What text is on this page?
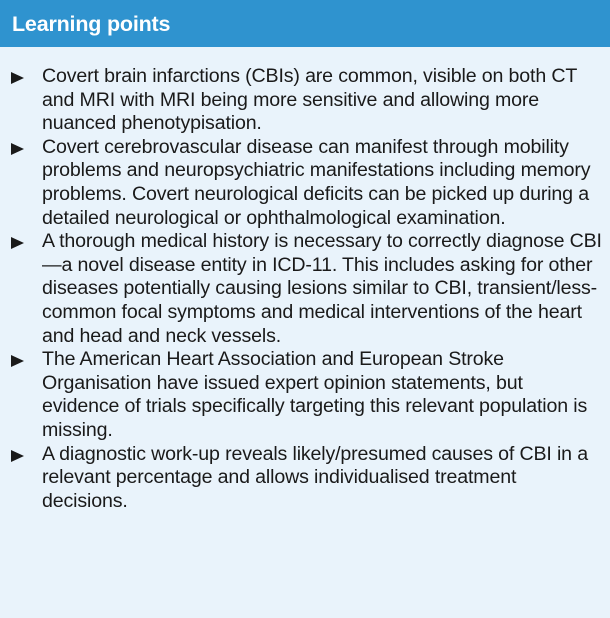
Learning points
Covert brain infarctions (CBIs) are common, visible on both CT and MRI with MRI being more sensitive and allowing more nuanced phenotypisation.
Covert cerebrovascular disease can manifest through mobility problems and neuropsychiatric manifestations including memory problems. Covert neurological deficits can be picked up during a detailed neurological or ophthalmological examination.
A thorough medical history is necessary to correctly diagnose CBI—a novel disease entity in ICD-11. This includes asking for other diseases potentially causing lesions similar to CBI, transient/less-common focal symptoms and medical interventions of the heart and head and neck vessels.
The American Heart Association and European Stroke Organisation have issued expert opinion statements, but evidence of trials specifically targeting this relevant population is missing.
A diagnostic work-up reveals likely/presumed causes of CBI in a relevant percentage and allows individualised treatment decisions.
